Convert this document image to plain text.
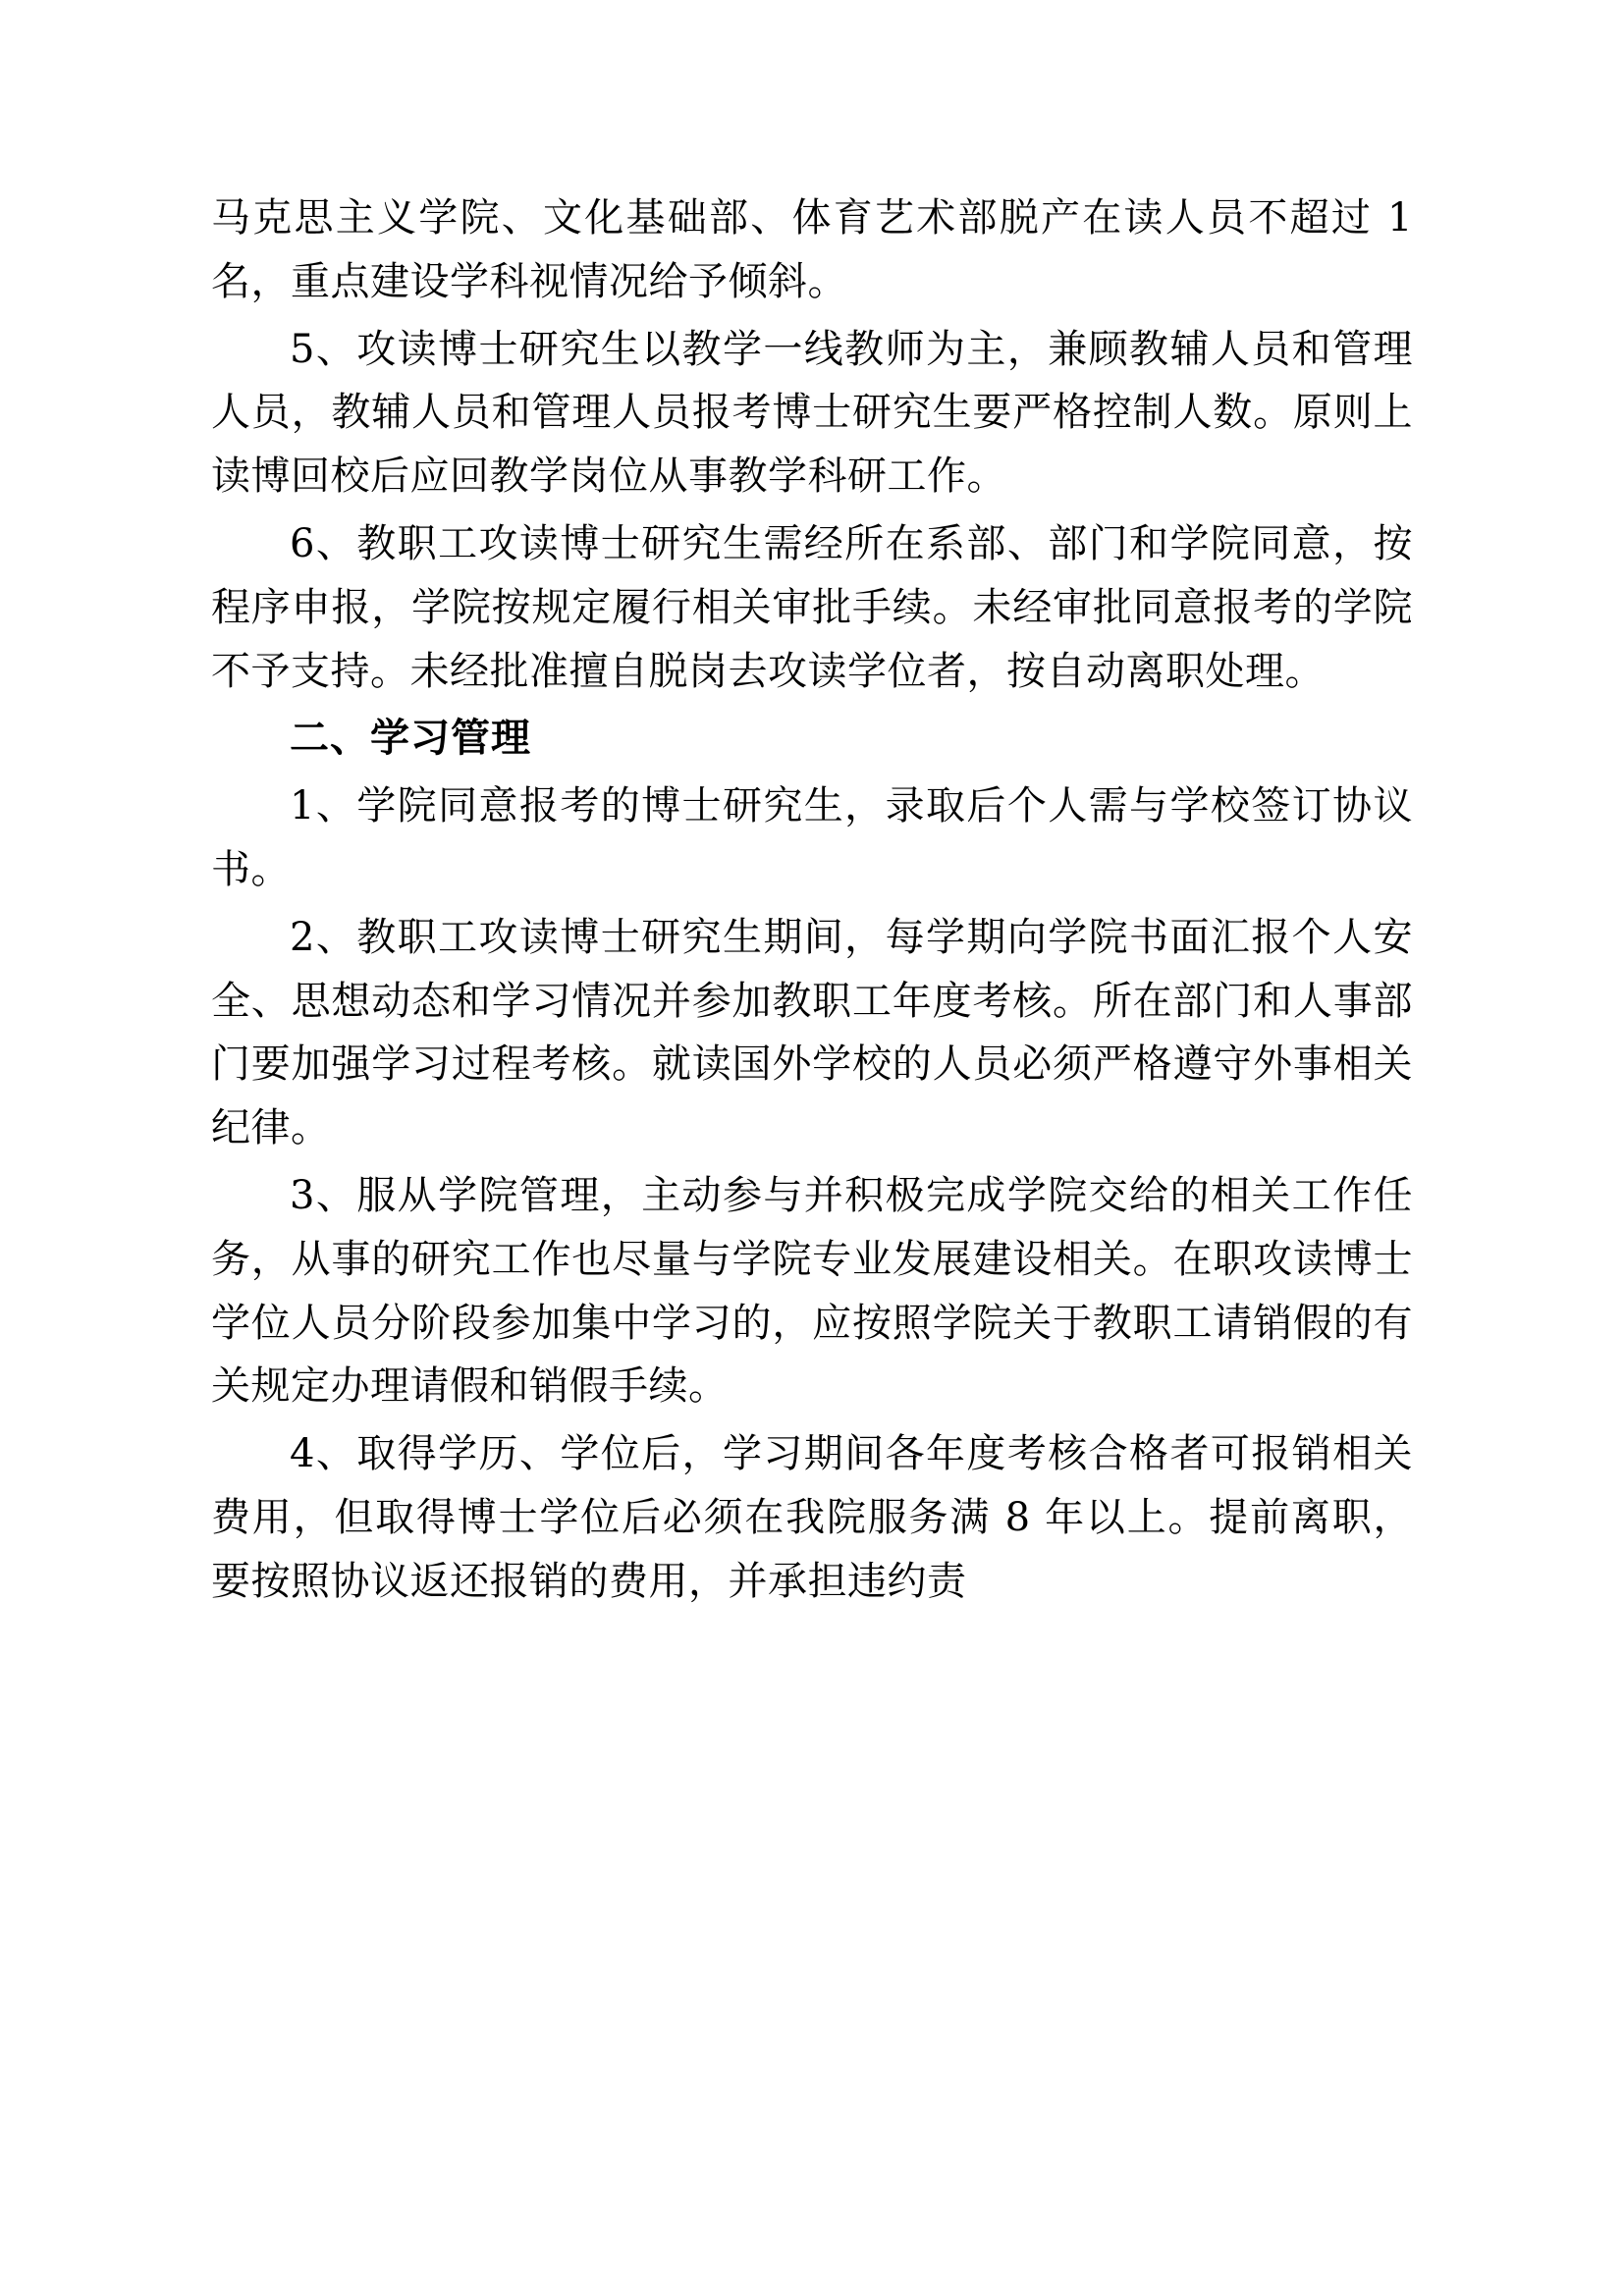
马克思主义学院、文化基础部、体育艺术部脱产在读人员不超过 1 名，重点建设学科视情况给予倾斜。

5、攻读博士研究生以教学一线教师为主，兼顾教辅人员和管理人员，教辅人员和管理人员报考博士研究生要严格控制人数。原则上读博回校后应回教学岗位从事教学科研工作。

6、教职工攻读博士研究生需经所在系部、部门和学院同意，按程序申报，学院按规定履行相关审批手续。未经审批同意报考的学院不予支持。未经批准擅自脱岗去攻读学位者，按自动离职处理。

二、学习管理

1、学院同意报考的博士研究生，录取后个人需与学校签订协议书。

2、教职工攻读博士研究生期间，每学期向学院书面汇报个人安全、思想动态和学习情况并参加教职工年度考核。所在部门和人事部门要加强学习过程考核。就读国外学校的人员必须严格遵守外事相关纪律。

3、服从学院管理，主动参与并积极完成学院交给的相关工作任务，从事的研究工作也尽量与学院专业发展建设相关。在职攻读博士学位人员分阶段参加集中学习的，应按照学院关于教职工请销假的有关规定办理请假和销假手续。

4、取得学历、学位后，学习期间各年度考核合格者可报销相关费用，但取得博士学位后必须在我院服务满 8 年以上。提前离职，要按照协议返还报销的费用，并承担违约责
